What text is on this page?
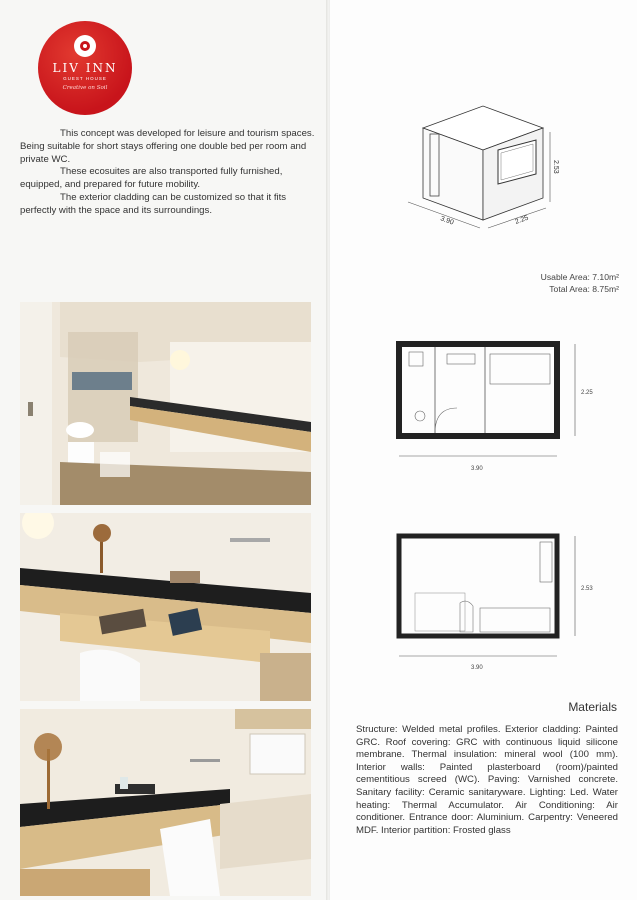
LIV INN
GUEST HOUSE
Creative on Soil

This concept was developed for leisure and tourism spaces. Being suitable for short stays offering one double bed per room and private WC.

These ecosuites are also transported fully furnished, equipped, and prepared for future mobility.

The exterior cladding can be customized so that it fits perfectly with the space and its surroundings.

3.90	2.25
2.53
Usable Area: 7.10m²
Total Area: 8.75m²
3.90
2.25
3.90
2.53
Materials
Structure: Welded metal profiles. Exterior cladding: Painted GRC. Roof covering: GRC with continuous liquid silicone membrane. Thermal insulation: mineral wool (100 mm). Interior walls: Painted plasterboard (room)/painted cementitious screed (WC). Paving: Varnished concrete. Sanitary facility: Ceramic sanitaryware. Lighting: Led. Water heating: Thermal Accumulator. Air Conditioning: Air conditioner. Entrance door: Aluminium. Carpentry: Veneered MDF. Interior partition: Frosted glass
